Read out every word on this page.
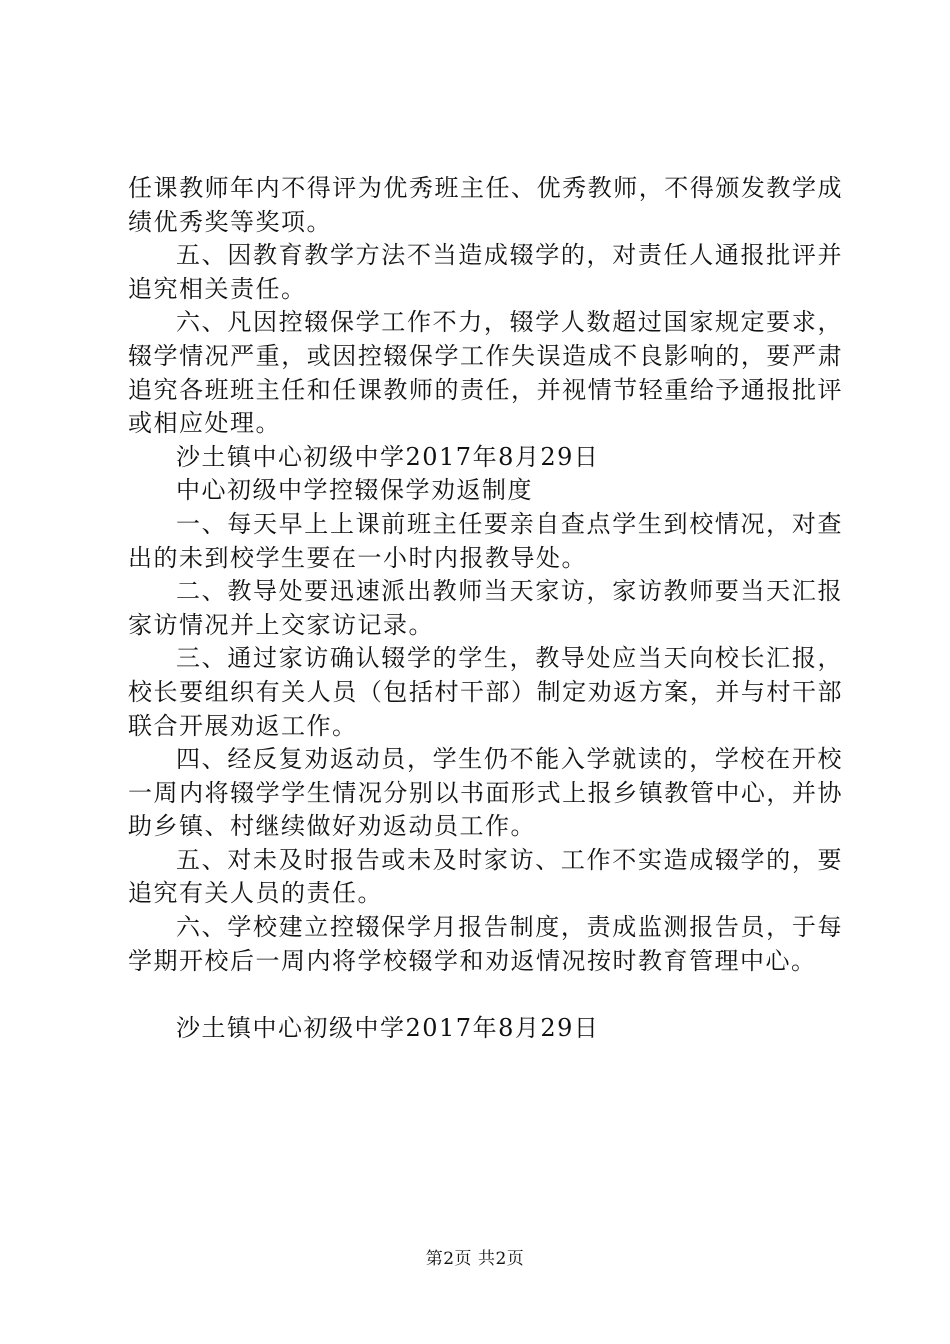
任课教师年内不得评为优秀班主任、优秀教师，不得颁发教学成绩优秀奖等奖项。

五、因教育教学方法不当造成辍学的，对责任人通报批评并追究相关责任。

六、凡因控辍保学工作不力，辍学人数超过国家规定要求，辍学情况严重，或因控辍保学工作失误造成不良影响的，要严肃追究各班班主任和任课教师的责任，并视情节轻重给予通报批评或相应处理。

沙土镇中心初级中学2017年8月29日

中心初级中学控辍保学劝返制度

一、每天早上上课前班主任要亲自查点学生到校情况，对查出的未到校学生要在一小时内报教导处。

二、教导处要迅速派出教师当天家访，家访教师要当天汇报家访情况并上交家访记录。

三、通过家访确认辍学的学生，教导处应当天向校长汇报，校长要组织有关人员（包括村干部）制定劝返方案，并与村干部联合开展劝返工作。

四、经反复劝返动员，学生仍不能入学就读的，学校在开校一周内将辍学学生情况分别以书面形式上报乡镇教管中心，并协助乡镇、村继续做好劝返动员工作。

五、对未及时报告或未及时家访、工作不实造成辍学的，要追究有关人员的责任。

六、学校建立控辍保学月报告制度，责成监测报告员，于每学期开校后一周内将学校辍学和劝返情况按时教育管理中心。

沙土镇中心初级中学2017年8月29日

第2页 共2页
